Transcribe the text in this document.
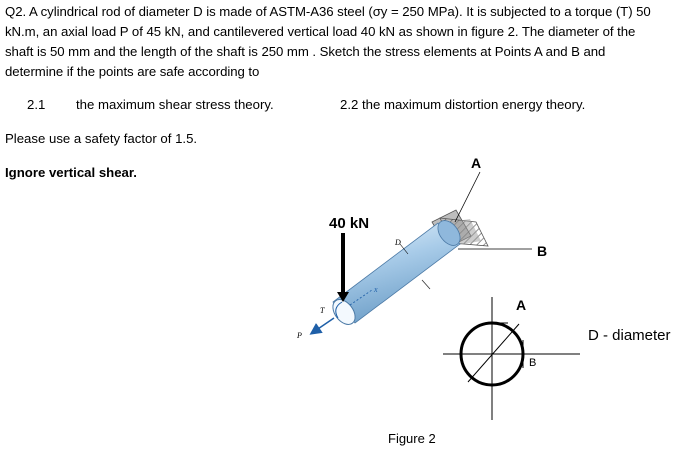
Q2. A cylindrical rod of diameter D is made of ASTM-A36 steel (σy = 250 MPa). It is subjected to a torque (T) 50
kN.m, an axial load P of 45 kN, and cantilevered vertical load 40 kN as shown in figure 2. The diameter of the
shaft is 50 mm and the length of the shaft is 250 mm . Sketch the stress elements at Points A and B and
determine if the points are safe according to
2.1 the maximum shear stress theory.	2.2 the maximum distortion energy theory.
Please use a safety factor of 1.5.
Ignore vertical shear.
A
B
40 kN
D
T
P
x
A
B
D - diameter
Figure 2
